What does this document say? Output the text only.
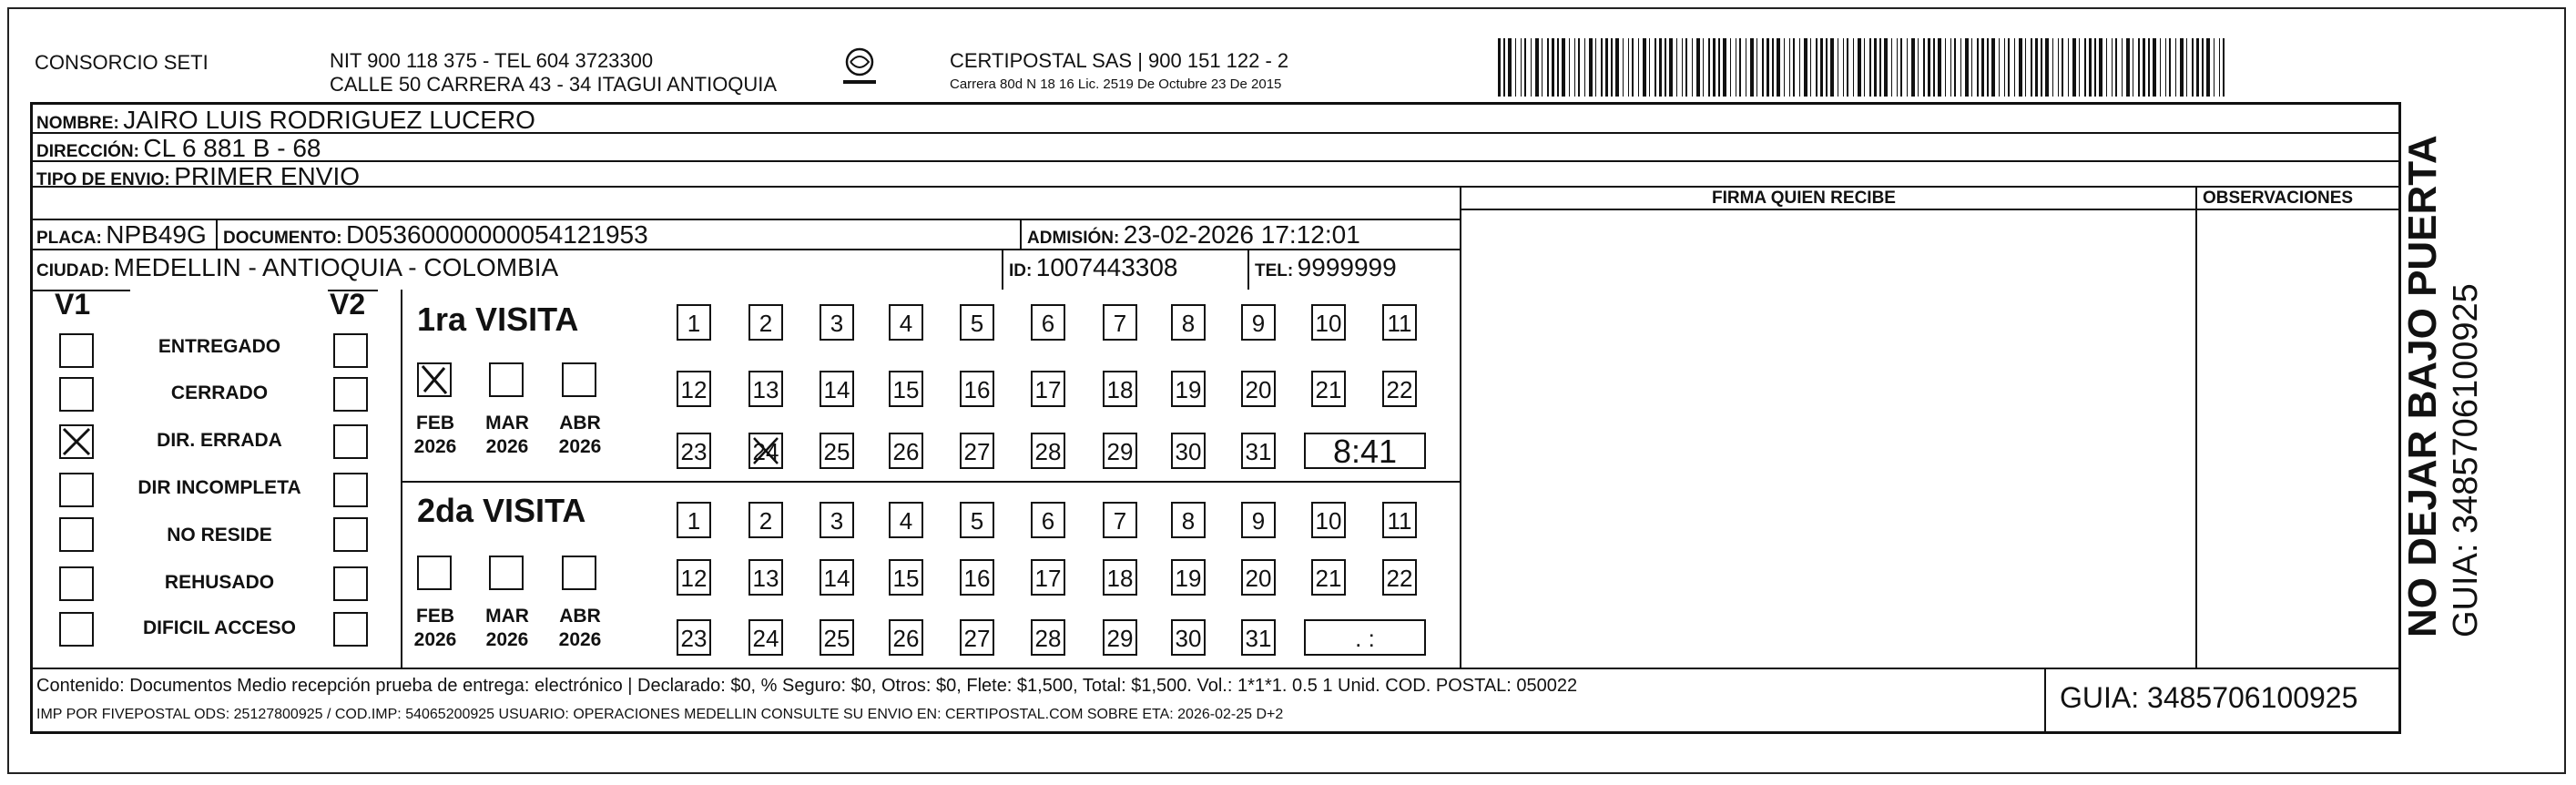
CONSORCIO SETI	NIT 900 118 375 - TEL 604 3723300
CALLE 50 CARRERA 43 - 34 ITAGUI ANTIOQUIA
CERTIPOSTAL SAS | 900 151 122 - 2
Carrera 80d N 18 16 Lic. 2519 De Octubre 23 De 2015
NOMBRE: JAIRO LUIS RODRIGUEZ LUCERO
DIRECCIÓN: CL 6 881 B - 68
TIPO DE ENVIO: PRIMER ENVIO
FIRMA QUIEN RECIBE	OBSERVACIONES
PLACA: NPB49G DOCUMENTO: D05360000000054121953	ADMISIÓN: 23-02-2026 17:12:01
CIUDAD: MEDELLIN - ANTIOQUIA - COLOMBIA	ID: 1007443308	TEL: 9999999
V1	V2
ENTREGADO
CERRADO
DIR. ERRADA
DIR INCOMPLETA
NO RESIDE
REHUSADO
DIFICIL ACCESO
1ra VISITA
FEB
2026
MAR
2026
ABR
2026
2da VISITA
FEB
2026
MAR
2026
ABR
2026
1	2	3	4	5	6	7	8	9	10 11
12 13 14 15 16 17 18 19 20 21 22
23 24 25 26 27 28 29 30 31	8:41
1	2	3	4	5	6	7	8	9	10 11
12 13 14 15 16 17 18 19 20 21 22
23 24 25 26 27 28 29 30 31	. :
Contenido: Documentos Medio recepción prueba de entrega: electrónico | Declarado: $0, % Seguro: $0, Otros: $0, Flete: $1,500, Total: $1,500. Vol.: 1*1*1. 0.5 1 Unid. COD. POSTAL: 050022
IMP POR FIVEPOSTAL ODS: 25127800925 / COD.IMP: 54065200925 USUARIO: OPERACIONES MEDELLIN CONSULTE SU ENVIO EN: CERTIPOSTAL.COM SOBRE ETA: 2026-02-25 D+2
GUIA: 3485706100925
NO DEJAR BAJO PUERTA GUIA: 3485706100925
